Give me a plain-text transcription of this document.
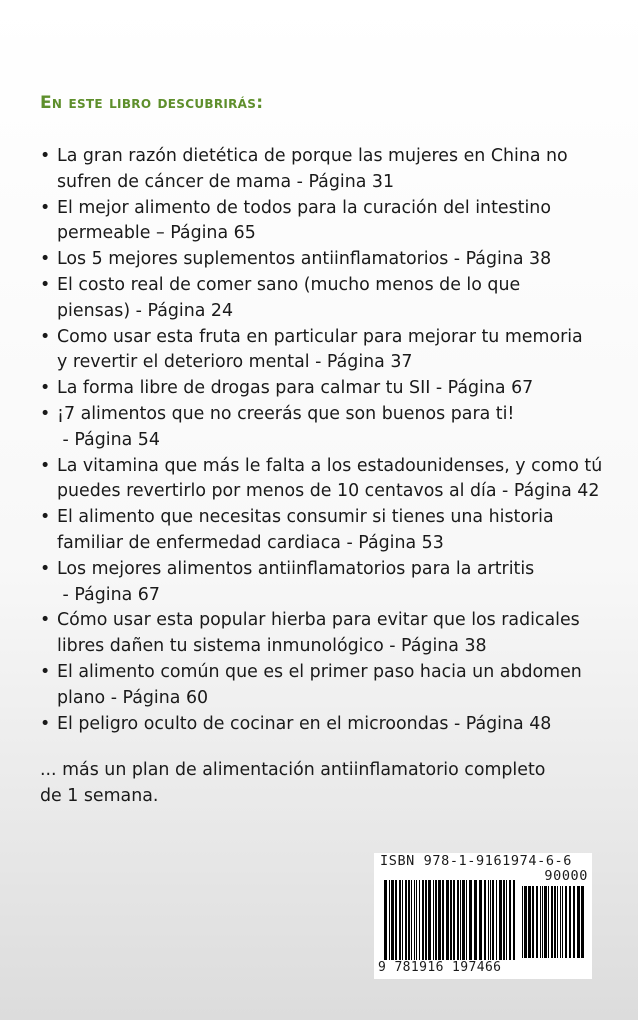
En este libro descubrirás:
• La gran razón dietética de porque las mujeres en China no
sufren de cáncer de mama - Página 31
• El mejor alimento de todos para la curación del intestino
permeable – Página 65
• Los 5 mejores suplementos antiinflamatorios - Página 38
• El costo real de comer sano (mucho menos de lo que
piensas) - Página 24
• Como usar esta fruta en particular para mejorar tu memoria
y revertir el deterioro mental - Página 37
• La forma libre de drogas para calmar tu SII - Página 67
• ¡7 alimentos que no creerás que son buenos para ti!
- Página 54
• La vitamina que más le falta a los estadounidenses, y como tú
puedes revertirlo por menos de 10 centavos al día - Página 42
• El alimento que necesitas consumir si tienes una historia
familiar de enfermedad cardiaca - Página 53
• Los mejores alimentos antiinflamatorios para la artritis
- Página 67
• Cómo usar esta popular hierba para evitar que los radicales
libres dañen tu sistema inmunológico - Página 38
• El alimento común que es el primer paso hacia un abdomen
plano - Página 60
• El peligro oculto de cocinar en el microondas - Página 48
... más un plan de alimentación antiinflamatorio completo
de 1 semana.
ISBN 978-1-9161974-6-6
90000
9 781916 197466
